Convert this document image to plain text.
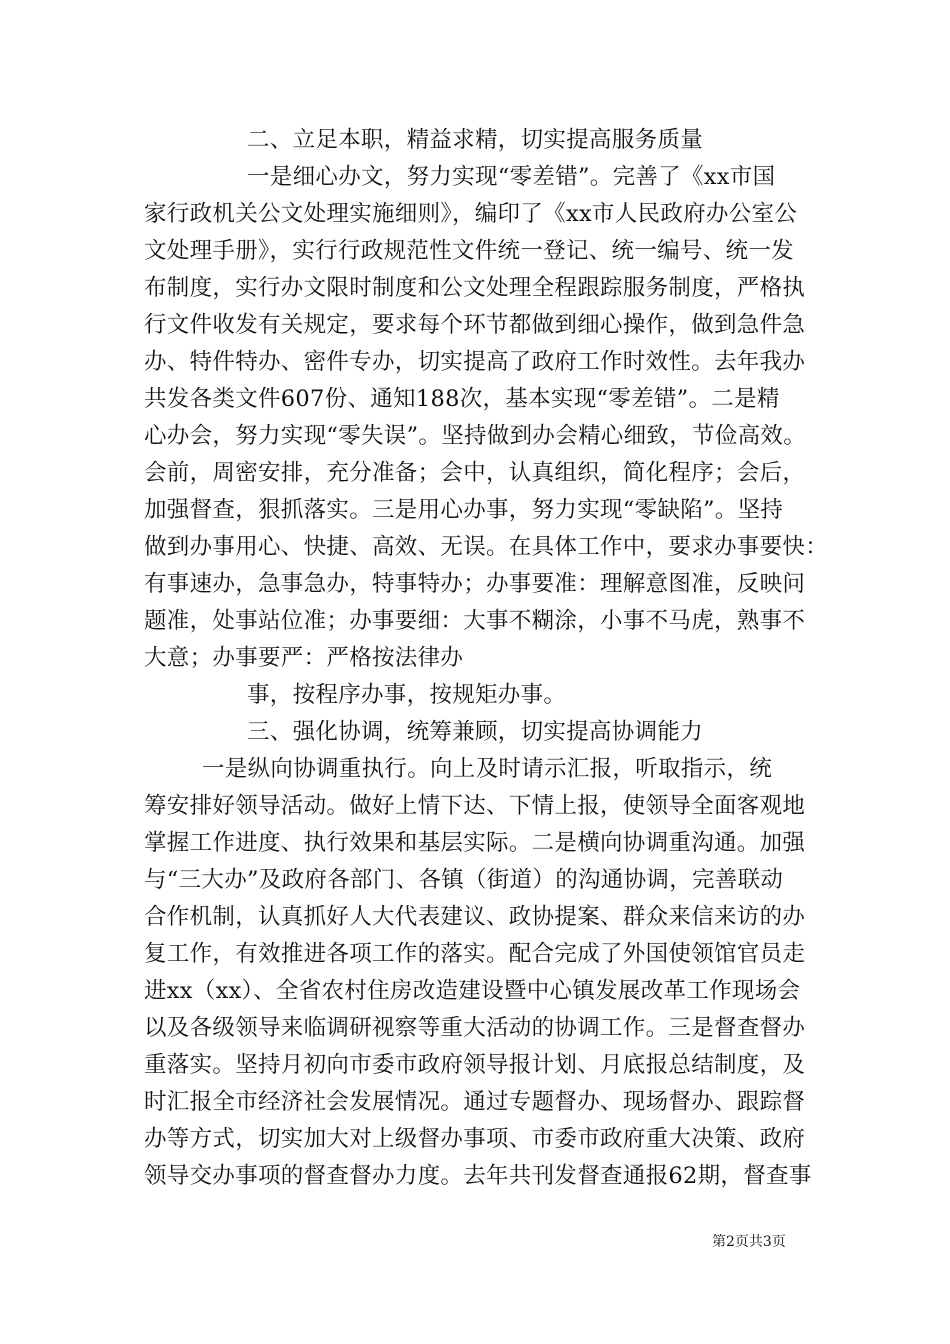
二、立足本职，精益求精，切实提高服务质量
一是细心办文，努力实现“零差错”。完善了《xx市国
家行政机关公文处理实施细则》，编印了《xx市人民政府办公室公
文处理手册》，实行行政规范性文件统一登记、统一编号、统一发
布制度，实行办文限时制度和公文处理全程跟踪服务制度，严格执
行文件收发有关规定，要求每个环节都做到细心操作，做到急件急
办、特件特办、密件专办，切实提高了政府工作时效性。去年我办
共发各类文件607份、通知188次，基本实现“零差错”。二是精
心办会，努力实现“零失误”。坚持做到办会精心细致，节俭高效。
会前，周密安排，充分准备；会中，认真组织，简化程序；会后，
加强督查，狠抓落实。三是用心办事，努力实现“零缺陷”。坚持
做到办事用心、快捷、高效、无误。在具体工作中，要求办事要快：
有事速办，急事急办，特事特办；办事要准：理解意图准，反映问
题准，处事站位准；办事要细：大事不糊涂，小事不马虎，熟事不
大意；办事要严：严格按法律办
事，按程序办事，按规矩办事。
三、强化协调，统筹兼顾，切实提高协调能力
一是纵向协调重执行。向上及时请示汇报，听取指示，统
筹安排好领导活动。做好上情下达、下情上报，使领导全面客观地
掌握工作进度、执行效果和基层实际。二是横向协调重沟通。加强
与“三大办”及政府各部门、各镇（街道）的沟通协调，完善联动
合作机制，认真抓好人大代表建议、政协提案、群众来信来访的办
复工作，有效推进各项工作的落实。配合完成了外国使领馆官员走
进xx（xx）、全省农村住房改造建设暨中心镇发展改革工作现场会
以及各级领导来临调研视察等重大活动的协调工作。三是督查督办
重落实。坚持月初向市委市政府领导报计划、月底报总结制度，及
时汇报全市经济社会发展情况。通过专题督办、现场督办、跟踪督
办等方式，切实加大对上级督办事项、市委市政府重大决策、政府
领导交办事项的督查督办力度。去年共刊发督查通报62期，督查事
第2页共3页
